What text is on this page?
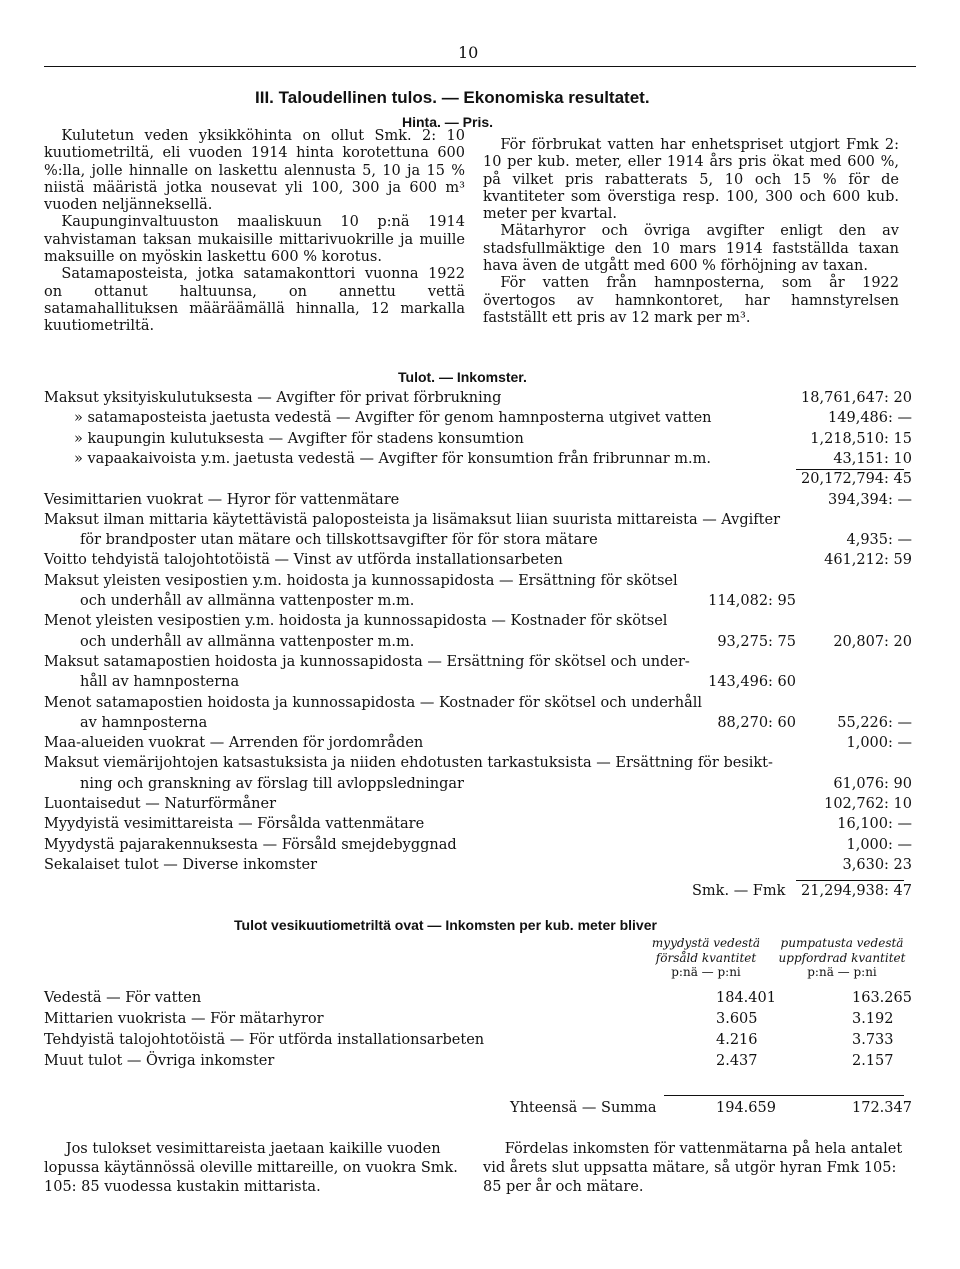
10
III. Taloudellinen tulos. — Ekonomiska resultatet.
Hinta. — Pris.

Kulutetun veden yksikköhinta on ollut Smk. 2: 10 kuutiometriltä, eli vuoden 1914 hinta korotettuna 600 %:lla, jolle hinnalle on laskettu alennusta 5, 10 ja 15 % niistä määristä jotka nousevat yli 100, 300 ja 600 m³ vuoden neljänneksellä.

Kaupunginvaltuuston maaliskuun 10 p:nä 1914 vahvistaman taksan mukaisille mittarivuokrille ja muille maksuille on myöskin laskettu 600 % korotus.

Satamaposteista, jotka satamakonttori vuonna 1922 on ottanut haltuunsa, on annettu vettä satamahallituksen määräämällä hinnalla, 12 markalla kuutiometriltä.

För förbrukat vatten har enhetspriset utgjort Fmk 2: 10 per kub. meter, eller 1914 års pris ökat med 600 %, på vilket pris rabatterats 5, 10 och 15 % för de kvantiteter som överstiga resp. 100, 300 och 600 kub. meter per kvartal.

Mätarhyror och övriga avgifter enligt den av stadsfullmäktige den 10 mars 1914 fastställda taxan hava även de utgått med 600 % förhöjning av taxan.

För vatten från hamnposterna, som år 1922 övertogos av hamnkontoret, har hamnstyrelsen fastställt ett pris av 12 mark per m³.

Tulot. — Inkomster.
Maksut yksityiskulutuksesta — Avgifter för privat förbrukning	18,761,647: 20
» satamaposteista jaetusta vedestä — Avgifter för genom hamnposterna utgivet vatten	149,486: —
» kaupungin kulutuksesta — Avgifter för stadens konsumtion	1,218,510: 15
» vapaakaivoista y.m. jaetusta vedestä — Avgifter för konsumtion från fribrunnar m.m.	43,151: 10
20,172,794: 45
Vesimittarien vuokrat — Hyror för vattenmätare	394,394: —
Maksut ilman mittaria käytettävistä paloposteista ja lisämaksut liian suurista mittareista — Avgifter
för brandposter utan mätare och tillskottsavgifter för för stora mätare	4,935: —
Voitto tehdyistä talojohtotöistä — Vinst av utförda installationsarbeten	461,212: 59
Maksut yleisten vesipostien y.m. hoidosta ja kunnossapidosta — Ersättning för skötsel
och underhåll av allmänna vattenposter m.m.	114,082: 95
Menot yleisten vesipostien y.m. hoidosta ja kunnossapidosta — Kostnader för skötsel
och underhåll av allmänna vattenposter m.m.	93,275: 75	20,807: 20
Maksut satamapostien hoidosta ja kunnossapidosta — Ersättning för skötsel och under-
håll av hamnposterna	143,496: 60
Menot satamapostien hoidosta ja kunnossapidosta — Kostnader för skötsel och underhåll
av hamnposterna	88,270: 60	55,226: —
Maa-alueiden vuokrat — Arrenden för jordområden	1,000: —
Maksut viemärijohtojen katsastuksista ja niiden ehdotusten tarkastuksista — Ersättning för besikt-
ning och granskning av förslag till avloppsledningar	61,076: 90
Luontaisedut — Naturförmåner	102,762: 10
Myydyistä vesimittareista — Försålda vattenmätare	16,100: —
Myydystä pajarakennuksesta — Försåld smejdebyggnad	1,000: —
Sekalaiset tulot — Diverse inkomster	3,630: 23
Smk. — Fmk 21,294,938: 47
Tulot vesikuutiometriltä ovat — Inkomsten per kub. meter bliver
myydystä vedestä
försåld kvantitet
p:nä — p:ni
pumpatusta vedestä
uppfordrad kvantitet
p:nä — p:ni
Vedestä — För vatten	184.401	163.265
Mittarien vuokrista — För mätarhyror	3.605	3.192
Tehdyistä talojohtotöistä — För utförda installationsarbeten	4.216	3.733
Muut tulot — Övriga inkomster	2.437	2.157
Yhteensä — Summa	194.659	172.347

Jos tulokset vesimittareista jaetaan kaikille vuoden lopussa käytännössä oleville mittareille, on vuokra Smk. 105: 85 vuodessa kustakin mittarista.

Fördelas inkomsten för vattenmätarna på hela antalet vid årets slut uppsatta mätare, så utgör hyran Fmk 105: 85 per år och mätare.
